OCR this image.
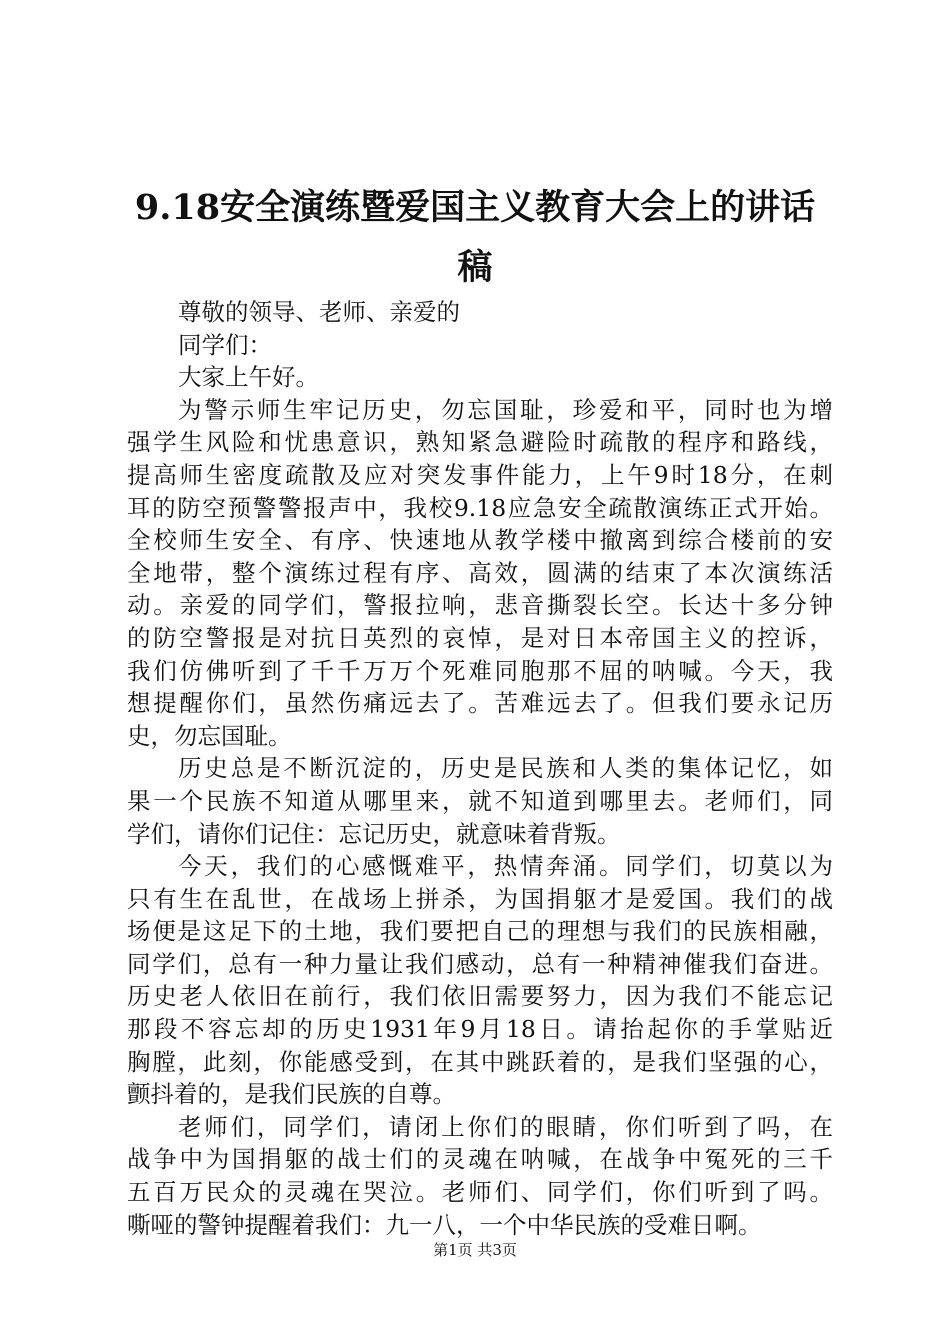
9.18安全演练暨爱国主义教育大会上的讲话
稿
尊敬的领导、老师、亲爱的
同学们：
大家上午好。
为警示师生牢记历史，勿忘国耻，珍爱和平，同时也为增
强学生风险和忧患意识，熟知紧急避险时疏散的程序和路线，
提高师生密度疏散及应对突发事件能力，上午9时18分，在刺
耳的防空预警警报声中，我校9.18应急安全疏散演练正式开始。
全校师生安全、有序、快速地从教学楼中撤离到综合楼前的安
全地带，整个演练过程有序、高效，圆满的结束了本次演练活
动。亲爱的同学们，警报拉响，悲音撕裂长空。长达十多分钟
的防空警报是对抗日英烈的哀悼，是对日本帝国主义的控诉，
我们仿佛听到了千千万万个死难同胞那不屈的呐喊。今天，我
想提醒你们，虽然伤痛远去了。苦难远去了。但我们要永记历
史，勿忘国耻。
历史总是不断沉淀的，历史是民族和人类的集体记忆，如
果一个民族不知道从哪里来，就不知道到哪里去。老师们，同
学们，请你们记住：忘记历史，就意味着背叛。
今天，我们的心感慨难平，热情奔涌。同学们，切莫以为
只有生在乱世，在战场上拼杀，为国捐躯才是爱国。我们的战
场便是这足下的土地，我们要把自己的理想与我们的民族相融，
同学们，总有一种力量让我们感动，总有一种精神催我们奋进。
历史老人依旧在前行，我们依旧需要努力，因为我们不能忘记
那段不容忘却的历史1931年9月18日。请抬起你的手掌贴近
胸膛，此刻，你能感受到，在其中跳跃着的，是我们坚强的心，
颤抖着的，是我们民族的自尊。
老师们，同学们，请闭上你们的眼睛，你们听到了吗，在
战争中为国捐躯的战士们的灵魂在呐喊，在战争中冤死的三千
五百万民众的灵魂在哭泣。老师们、同学们，你们听到了吗。
嘶哑的警钟提醒着我们：九一八，一个中华民族的受难日啊。
第1页 共3页
